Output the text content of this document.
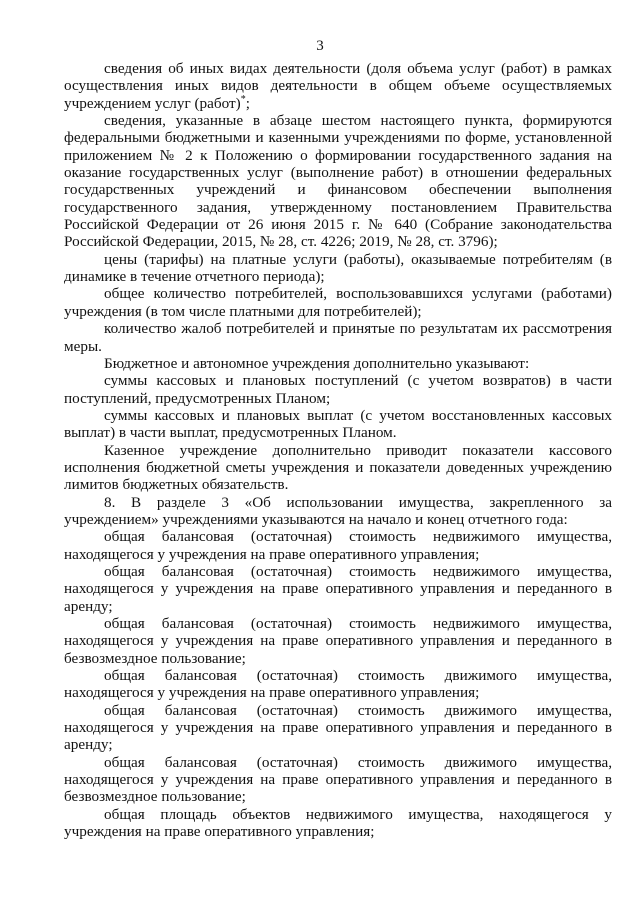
3

сведения об иных видах деятельности (доля объема услуг (работ) в рамках осуществления иных видов деятельности в общем объеме осуществляемых учреждением услуг (работ)*;

сведения, указанные в абзаце шестом настоящего пункта, формируются федеральными бюджетными и казенными учреждениями по форме, установленной приложением № 2 к Положению о формировании государственного задания на оказание государственных услуг (выполнение работ) в отношении федеральных государственных учреждений и финансовом обеспечении выполнения государственного задания, утвержденному постановлением Правительства Российской Федерации от 26 июня 2015 г. № 640 (Собрание законодательства Российской Федерации, 2015, № 28, ст. 4226; 2019, № 28, ст. 3796);

цены (тарифы) на платные услуги (работы), оказываемые потребителям (в динамике в течение отчетного периода);

общее количество потребителей, воспользовавшихся услугами (работами) учреждения (в том числе платными для потребителей);

количество жалоб потребителей и принятые по результатам их рассмотрения меры.

Бюджетное и автономное учреждения дополнительно указывают:

суммы кассовых и плановых поступлений (с учетом возвратов) в части поступлений, предусмотренных Планом;

суммы кассовых и плановых выплат (с учетом восстановленных кассовых выплат) в части выплат, предусмотренных Планом.

Казенное учреждение дополнительно приводит показатели кассового исполнения бюджетной сметы учреждения и показатели доведенных учреждению лимитов бюджетных обязательств.

8. В разделе 3 «Об использовании имущества, закрепленного за учреждением» учреждениями указываются на начало и конец отчетного года:

общая балансовая (остаточная) стоимость недвижимого имущества, находящегося у учреждения на праве оперативного управления;

общая балансовая (остаточная) стоимость недвижимого имущества, находящегося у учреждения на праве оперативного управления и переданного в аренду;

общая балансовая (остаточная) стоимость недвижимого имущества, находящегося у учреждения на праве оперативного управления и переданного в безвозмездное пользование;

общая балансовая (остаточная) стоимость движимого имущества, находящегося у учреждения на праве оперативного управления;

общая балансовая (остаточная) стоимость движимого имущества, находящегося у учреждения на праве оперативного управления и переданного в аренду;

общая балансовая (остаточная) стоимость движимого имущества, находящегося у учреждения на праве оперативного управления и переданного в безвозмездное пользование;

общая площадь объектов недвижимого имущества, находящегося у учреждения на праве оперативного управления;
